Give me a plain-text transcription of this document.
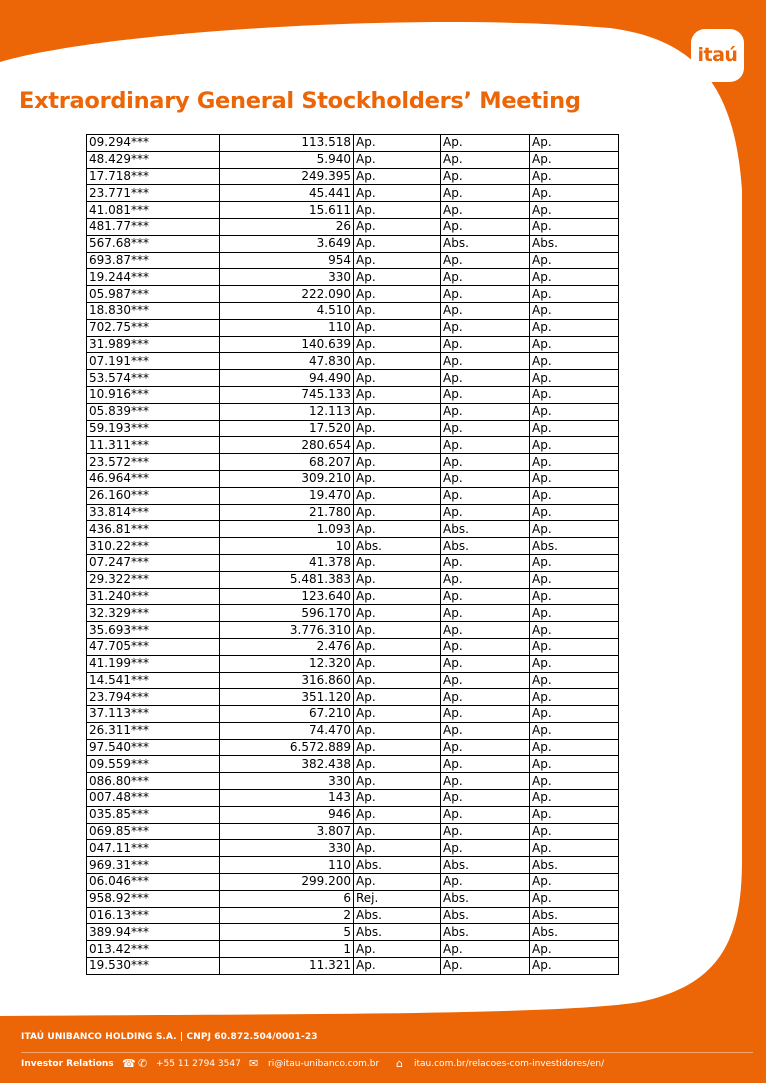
itaú
Extraordinary General Stockholders’ Meeting
09.294***	113.518	Ap.	Ap.	Ap.
48.429***	5.940	Ap.	Ap.	Ap.
17.718***	249.395	Ap.	Ap.	Ap.
23.771***	45.441	Ap.	Ap.	Ap.
41.081***	15.611	Ap.	Ap.	Ap.
481.77***	26	Ap.	Ap.	Ap.
567.68***	3.649	Ap.	Abs.	Abs.
693.87***	954	Ap.	Ap.	Ap.
19.244***	330	Ap.	Ap.	Ap.
05.987***	222.090	Ap.	Ap.	Ap.
18.830***	4.510	Ap.	Ap.	Ap.
702.75***	110	Ap.	Ap.	Ap.
31.989***	140.639	Ap.	Ap.	Ap.
07.191***	47.830	Ap.	Ap.	Ap.
53.574***	94.490	Ap.	Ap.	Ap.
10.916***	745.133	Ap.	Ap.	Ap.
05.839***	12.113	Ap.	Ap.	Ap.
59.193***	17.520	Ap.	Ap.	Ap.
11.311***	280.654	Ap.	Ap.	Ap.
23.572***	68.207	Ap.	Ap.	Ap.
46.964***	309.210	Ap.	Ap.	Ap.
26.160***	19.470	Ap.	Ap.	Ap.
33.814***	21.780	Ap.	Ap.	Ap.
436.81***	1.093	Ap.	Abs.	Ap.
310.22***	10	Abs.	Abs.	Abs.
07.247***	41.378	Ap.	Ap.	Ap.
29.322***	5.481.383	Ap.	Ap.	Ap.
31.240***	123.640	Ap.	Ap.	Ap.
32.329***	596.170	Ap.	Ap.	Ap.
35.693***	3.776.310	Ap.	Ap.	Ap.
47.705***	2.476	Ap.	Ap.	Ap.
41.199***	12.320	Ap.	Ap.	Ap.
14.541***	316.860	Ap.	Ap.	Ap.
23.794***	351.120	Ap.	Ap.	Ap.
37.113***	67.210	Ap.	Ap.	Ap.
26.311***	74.470	Ap.	Ap.	Ap.
97.540***	6.572.889	Ap.	Ap.	Ap.
09.559***	382.438	Ap.	Ap.	Ap.
086.80***	330	Ap.	Ap.	Ap.
007.48***	143	Ap.	Ap.	Ap.
035.85***	946	Ap.	Ap.	Ap.
069.85***	3.807	Ap.	Ap.	Ap.
047.11***	330	Ap.	Ap.	Ap.
969.31***	110	Abs.	Abs.	Abs.
06.046***	299.200	Ap.	Ap.	Ap.
958.92***	6	Rej.	Abs.	Ap.
016.13***	2	Abs.	Abs.	Abs.
389.94***	5	Abs.	Abs.	Abs.
013.42***	1	Ap.	Ap.	Ap.
19.530***	11.321	Ap.	Ap.	Ap.
ITAÚ UNIBANCO HOLDING S.A. | CNPJ 60.872.504/0001-23
Investor Relations ☎ ✆ +55 11 2794 3547 ✉ ri@itau-unibanco.com.br ⌂ itau.com.br/relacoes-com-investidores/en/
